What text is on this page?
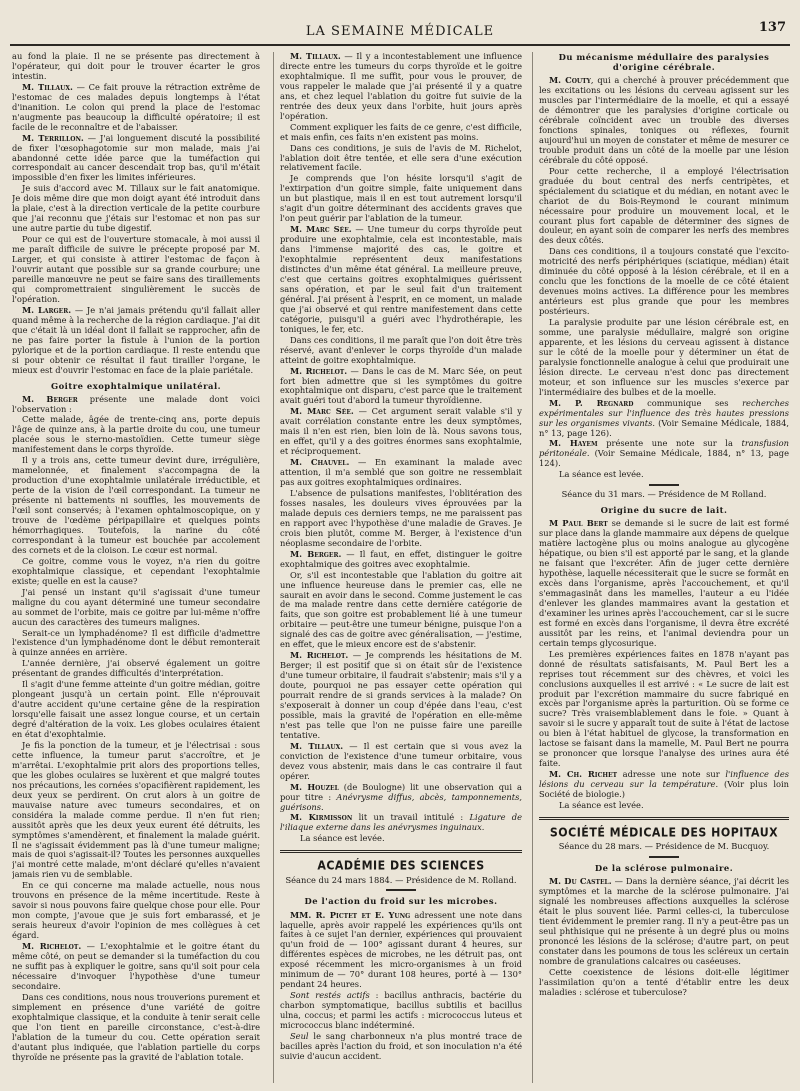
LA SEMAINE MÉDICALE	137

au fond la plaie. Il ne se présente pas directement à l'opérateur, qui doit pour le trouver écarter le gros intestin.

M. Tillaux. — Ce fait prouve la rétraction extrême de l'estomac de ces malades depuis longtemps à l'état d'inanition. Le colon qui prend la place de l'estomac n'augmente pas beaucoup la difficulté opératoire; il est facile de le reconnaître et de l'abaisser.

M. Terrillon. — J'ai longuement discuté la possibilité de fixer l'œsophagotomie sur mon malade, mais j'ai abandonné cette idée parce que la tuméfaction qui correspondait au cancer descendait trop bas, qu'il m'était impossible d'en fixer les limites inférieures.

Je suis d'accord avec M. Tillaux sur le fait anatomique. Je dois même dire que mon doigt ayant été introduit dans la plaie, c'est à la direction verticale de la petite courbure que j'ai reconnu que j'étais sur l'estomac et non pas sur une autre partie du tube digestif.

Pour ce qui est de l'ouverture stomacale, à moi aussi il me paraît difficile de suivre le précepte proposé par M. Larger, et qui consiste à attirer l'estomac de façon à l'ouvrir autant que possible sur sa grande courbure; une pareille manœuvre ne peut se faire sans des tiraillements qui compromettraient singulièrement le succès de l'opération.

M. Larger. — Je n'ai jamais prétendu qu'il fallait aller quand même à la recherche de la région cardiaque. J'ai dit que c'était là un idéal dont il fallait se rapprocher, afin de ne pas faire porter la fistule à l'union de la portion pylorique et de la portion cardiaque. Il reste entendu que si pour obtenir ce résultat il faut tirailler l'organe, le mieux est d'ouvrir l'estomac en face de la plaie pariétale.

Goitre exophtalmique unilatéral.

M. Berger présente une malade dont voici l'observation :

Cette malade, âgée de trente-cinq ans, porte depuis l'âge de quinze ans, à la partie droite du cou, une tumeur placée sous le sterno-mastoïdien. Cette tumeur siège manifestement dans le corps thyroïde.

Il y a trois ans, cette tumeur devint dure, irrégulière, mamelonnée, et finalement s'accompagna de la production d'une exophtalmie unilatérale irréductible, et perte de la vision de l'œil correspondant. La tumeur ne présente ni battements ni souffles, les mouvements de l'œil sont conservés; à l'examen ophtalmoscopique, on y trouve de l'œdème péripapillaire et quelques points hémorrhagiques. Toutefois, la narine du côté correspondant à la tumeur est bouchée par accolement des cornets et de la cloison. Le cœur est normal.

Ce goitre, comme vous le voyez, n'a rien du goitre exophtalmique classique, et cependant l'exophtalmie existe; quelle en est la cause?

J'ai pensé un instant qu'il s'agissait d'une tumeur maligne du cou ayant déterminé une tumeur secondaire au sommet de l'orbite, mais ce goitre par lui-même n'offre aucun des caractères des tumeurs malignes.

Serait-ce un lymphadénome? Il est difficile d'admettre l'existence d'un lymphadénome dont le début remonterait à quinze années en arrière.

L'année dernière, j'ai observé également un goitre présentant de grandes difficultés d'interprétation.

Il s'agit d'une femme atteinte d'un goitre médian, goitre plongeant jusqu'à un certain point. Elle n'éprouvait d'autre accident qu'une certaine gêne de la respiration lorsqu'elle faisait une assez longue course, et un certain degré d'altération de la voix. Les globes oculaires étaient en état d'exophtalmie.

Je fis la ponction de la tumeur, et je l'électrisai : sous cette influence, la tumeur parut s'accroître, et je m'arrêtai. L'exophtalmie prit alors des proportions telles, que les globes oculaires se luxèrent et que malgré toutes nos précautions, les cornées s'opacifièrent rapidement, les deux yeux se perdirent. On crut alors à un goitre de mauvaise nature avec tumeurs secondaires, et on considéra la malade comme perdue. Il n'en fut rien; aussitôt après que les deux yeux eurent été détruits, les symptômes s'amendèrent, et finalement la malade guérit. Il ne s'agissait évidemment pas là d'une tumeur maligne; mais de quoi s'agissait-il? Toutes les personnes auxquelles j'ai montré cette malade, m'ont déclaré qu'elles n'avaient jamais rien vu de semblable.

En ce qui concerne ma malade actuelle, nous nous trouvons en présence de la même incertitude. Reste à savoir si nous pouvons faire quelque chose pour elle. Pour mon compte, j'avoue que je suis fort embarassé, et je serais heureux d'avoir l'opinion de mes collègues à cet égard.

M. Richelot. — L'exophtalmie et le goitre étant du même côté, on peut se demander si la tuméfaction du cou ne suffit pas à expliquer le goitre, sans qu'il soit pour cela nécessaire d'invoquer l'hypothèse d'une tumeur secondaire.

Dans ces conditions, nous nous trouverions purement et simplement en présence d'une variété de goitre exophtalmique classique, et la conduite à tenir serait celle que l'on tient en pareille circonstance, c'est-à-dire l'ablation de la tumeur du cou. Cette opération serait d'autant plus indiquée, que l'ablation partielle du corps thyroïde ne présente pas la gravité de l'ablation totale.

M. Tillaux. — Il y a incontestablement une influence directe entre les tumeurs du corps thyroïde et le goitre exophtalmique. Il me suffit, pour vous le prouver, de vous rappeler le malade que j'ai présenté il y a quatre ans, et chez lequel l'ablation du goitre fut suivie de la rentrée des deux yeux dans l'orbite, huit jours après l'opération.

Comment expliquer les faits de ce genre, c'est difficile, et mais enfin, ces faits n'en existent pas moins.

Dans ces conditions, je suis de l'avis de M. Richelot, l'ablation doit être tentée, et elle sera d'une exécution relativement facile.

Je comprends que l'on hésite lorsqu'il s'agit de l'extirpation d'un goitre simple, faite uniquement dans un but plastique, mais il en est tout autrement lorsqu'il s'agit d'un goitre déterminant des accidents graves que l'on peut guérir par l'ablation de la tumeur.

M. Marc Sée. — Une tumeur du corps thyroïde peut produire une exophtalmie, cela est incontestable, mais dans l'immense majorité des cas, le goitre et l'exophtalmie représentent deux manifestations distinctes d'un même état général. La meilleure preuve, c'est que certains goitres exophtalmiques guérissent sans opération, et par le seul fait d'un traitement général. J'ai présent à l'esprit, en ce moment, un malade que j'ai observé et qui rentre manifestement dans cette catégorie, puisqu'il a guéri avec l'hydrothérapie, les toniques, le fer, etc.

Dans ces conditions, il me paraît que l'on doit être très réservé, avant d'enlever le corps thyroïde d'un malade atteint de goitre exophtalmique.

M. Richelot. — Dans le cas de M. Marc Sée, on peut fort bien admettre que si les symptômes du goitre exophtalmique ont disparu, c'est parce que le traitement avait guéri tout d'abord la tumeur thyroïdienne.

M. Marc Sée. — Cet argument serait valable s'il y avait corrélation constante entre les deux symptômes, mais il n'en est rien, bien loin de là. Nous savons tous, en effet, qu'il y a des goitres énormes sans exophtalmie, et réciproquement.

M. Chauvel. — En examinant la malade avec attention, il m'a semblé que son goitre ne ressemblait pas aux goitres exophtalmiques ordinaires.

L'absence de pulsations manifestes, l'oblitération des fosses nasales, les douleurs vives éprouvées par la malade depuis ces derniers temps, ne me paraissent pas en rapport avec l'hypothèse d'une maladie de Graves. Je crois bien plutôt, comme M. Berger, à l'existence d'un néoplasme secondaire de l'orbite.

M. Berger. — Il faut, en effet, distinguer le goitre exophtalmique des goitres avec exophtalmie.

Or, s'il est incontestable que l'ablation du goitre ait une influence heureuse dans le premier cas, elle ne saurait en avoir dans le second. Comme justement le cas de ma malade rentre dans cette dernière catégorie de faits, que son goitre est probablement lié à une tumeur orbitaire — peut-être une tumeur bénigne, puisque l'on a signalé des cas de goitre avec généralisation, — j'estime, en effet, que le mieux encore est de s'abstenir.

M. Richelot. — Je comprends les hésitations de M. Berger; il est positif que si on était sûr de l'existence d'une tumeur orbitaire, il faudrait s'abstenir; mais s'il y a doute, pourquoi ne pas essayer cette opération qui pourrait rendre de si grands services à la malade? On s'exposerait à donner un coup d'épée dans l'eau, c'est possible, mais la gravité de l'opération en elle-même n'est pas telle que l'on ne puisse faire une pareille tentative.

M. Tillaux. — Il est certain que si vous avez la conviction de l'existence d'une tumeur orbitaire, vous devez vous abstenir, mais dans le cas contraire il faut opérer.

M. Houzel (de Boulogne) lit une observation qui a pour titre : Anévrysme diffus, abcès, tamponnements, guérisons.

M. Kirmisson lit un travail intitulé : Ligature de l'iliaque externe dans les anévrysmes inguinaux.

La séance est levée.

ACADÉMIE DES SCIENCES
Séance du 24 mars 1884. — Présidence de M. Rolland.
De l'action du froid sur les microbes.

MM. R. Pictet et E. Yung adressent une note dans laquelle, après avoir rappelé les expériences qu'ils ont faites à ce sujet l'an dernier, expériences qui prouvaient qu'un froid de — 100° agissant durant 4 heures, sur différentes espèces de microbes, ne les détruit pas, ont exposé récemment les micro-organismes à un froid minimum de — 70° durant 108 heures, porté à — 130° pendant 24 heures.

Sont restés actifs : bacillus anthracis, bactérie du charbon symptomatique, bacillus subtilis et bacillus ulna, coccus; et parmi les actifs : micrococcus luteus et micrococcus blanc indéterminé.

Seul le sang charbonneux n'a plus montré trace de bacilles après l'action du froid, et son inoculation n'a été suivie d'aucun accident.

Du mécanisme médullaire des paralysies d'origine cérébrale.

M. Couty, qui a cherché à prouver précédemment que les excitations ou les lésions du cerveau agissent sur les muscles par l'intermédiaire de la moelle, et qui a essayé de démontrer que les paralysies d'origine corticale ou cérébrale coïncident avec un trouble des diverses fonctions spinales, toniques ou réflexes, fournit aujourd'hui un moyen de constater et même de mesurer ce trouble produit dans un côté de la moelle par une lésion cérébrale du côté opposé.

Pour cette recherche, il a employé l'électrisation graduée du bout central des nerfs centripètes, et spécialement du sciatique et du médian, en notant avec le chariot de du Bois-Reymond le courant minimum nécessaire pour produire un mouvement local, et le courant plus fort capable de déterminer des signes de douleur, en ayant soin de comparer les nerfs des membres des deux côtés.

Dans ces conditions, il a toujours constaté que l'excito-motricité des nerfs périphériques (sciatique, médian) était diminuée du côté opposé à la lésion cérébrale, et il en a conclu que les fonctions de la moelle de ce côté étaient devenues moins actives. La différence pour les membres antérieurs est plus grande que pour les membres postérieurs.

La paralysie produite par une lésion cérébrale est, en somme, une paralysie médullaire, malgré son origine apparente, et les lésions du cerveau agissent à distance sur le côté de la moelle pour y déterminer un état de paralysie fonctionnelle analogue à celui que produirait une lésion directe. Le cerveau n'est donc pas directement moteur, et son influence sur les muscles s'exerce par l'intermédiaire des bulbes et de la moelle.

M. P. Regnard communique ses recherches expérimentales sur l'influence des très hautes pressions sur les organismes vivants. (Voir Semaine Médicale, 1884, n° 13, page 126).

M. Hayem présente une note sur la transfusion péritonéale. (Voir Semaine Médicale, 1884, n° 13, page 124).

La séance est levée.

Séance du 31 mars. — Présidence de M Rolland.
Origine du sucre de lait.

M Paul Bert se demande si le sucre de lait est formé sur place dans la glande mammaire aux dépens de quelque matière lactogène plus ou moins analogue au glycogène hépatique, ou bien s'il est apporté par le sang, et la glande ne faisant que l'excréter. Afin de juger cette dernière hypothèse, laquelle nécessiterait que le sucre se formât en excès dans l'organisme, après l'accouchement, et qu'il s'emmagasinât dans les mamelles, l'auteur a eu l'idée d'enlever les glandes mammaires avant la gestation et d'examiner les urines après l'accouchement, car si le sucre est formé en excès dans l'organisme, il devra être excrété aussitôt par les reins, et l'animal deviendra pour un certain temps glycosurique.

Les premières expériences faites en 1878 n'ayant pas donné de résultats satisfaisants, M. Paul Bert les a reprises tout récemment sur des chèvres, et voici les conclusions auxquelles il est arrivé : « Le sucre de lait est produit par l'excrétion mammaire du sucre fabriqué en excès par l'organisme après la parturition. Où se forme ce sucre? Très vraisemblablement dans le foie. » Quant à savoir si le sucre y apparaît tout de suite à l'état de lactose ou bien à l'état habituel de glycose, la transformation en lactose se faisant dans la mamelle, M. Paul Bert ne pourra se prononcer que lorsque l'analyse des urines aura été faite.

M. Ch. Richet adresse une note sur l'influence des lésions du cerveau sur la température. (Voir plus loin Société de biologie.)

La séance est levée.

SOCIÉTÉ MÉDICALE DES HOPITAUX
Séance du 28 mars. — Présidence de M. Bucquoy.
De la sclérose pulmonaire.

M. Du Castel. — Dans la dernière séance, j'ai décrit les symptômes et la marche de la sclérose pulmonaire. J'ai signalé les nombreuses affections auxquelles la sclérose était le plus souvent liée. Parmi celles-ci, la tuberculose tient évidemment le premier rang. Il n'y a peut-être pas un seul phthisique qui ne présente à un degré plus ou moins prononcé les lésions de la sclérose; d'autre part, on peut constater dans les poumons de tous les scléreux un certain nombre de granulations calcaires ou caséeuses.

Cette coexistence de lésions doit-elle légitimer l'assimilation qu'on a tenté d'établir entre les deux maladies : sclérose et tuberculose?
